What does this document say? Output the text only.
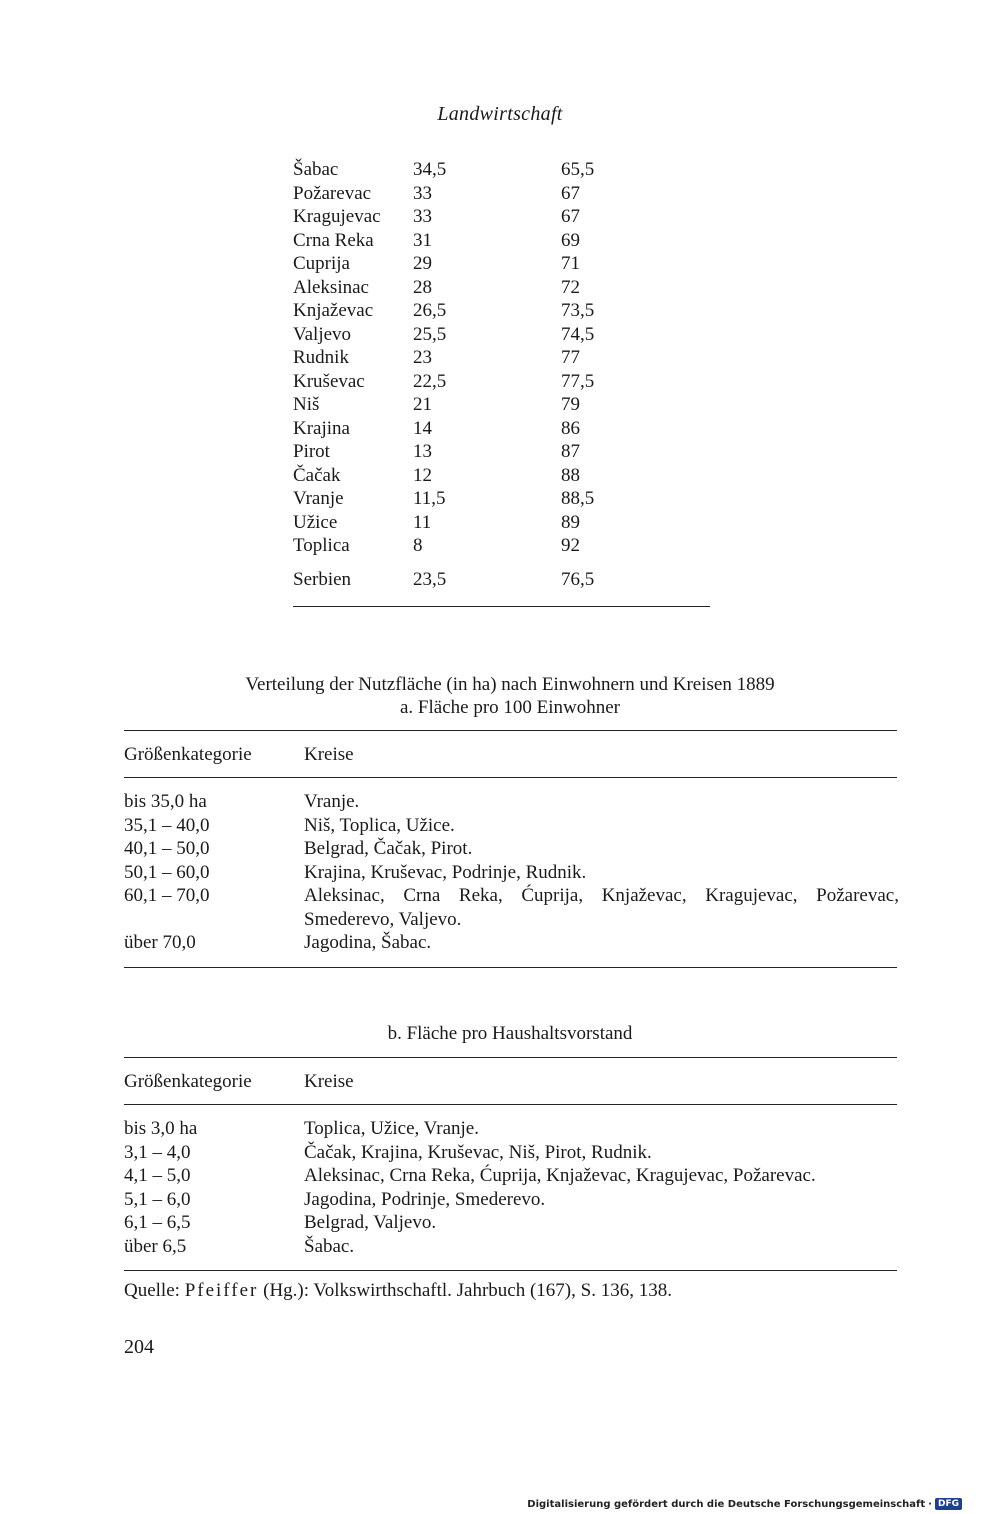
Landwirtschaft
Šabac	34,5	65,5
Požarevac 33	67
Kragujevac 33	67
Crna Reka 31	69
Cuprija	29	71
Aleksinac 28	72
Knjaževac 26,5	73,5
Valjevo	25,5	74,5
Rudnik	23	77
Kruševac	22,5	77,5
Niš	21	79
Krajina	14	86
Pirot	13	87
Čačak	12	88
Vranje	11,5	88,5
Užice	11	89
Toplica	8	92
Serbien	23,5	76,5
Verteilung der Nutzfläche (in ha) nach Einwohnern und Kreisen 1889
a. Fläche pro 100 Einwohner
Größenkategorie	Kreise
bis 35,0 ha	Vranje.
35,1 – 40,0	Niš, Toplica, Užice.
40,1 – 50,0	Belgrad, Čačak, Pirot.
50,1 – 60,0	Krajina, Kruševac, Podrinje, Rudnik.
60,1 – 70,0	Aleksinac, Crna Reka, Ćuprija, Knjaževac, Kragujevac, Požarevac, Smederevo, Valjevo.
über 70,0	Jagodina, Šabac.
b. Fläche pro Haushaltsvorstand
Größenkategorie	Kreise
bis 3,0 ha	Toplica, Užice, Vranje.
3,1 – 4,0	Čačak, Krajina, Kruševac, Niš, Pirot, Rudnik.
4,1 – 5,0	Aleksinac, Crna Reka, Ćuprija, Knjaževac, Kragujevac, Požarevac.
5,1 – 6,0	Jagodina, Podrinje, Smederevo.
6,1 – 6,5	Belgrad, Valjevo.
über 6,5	Šabac.
Quelle: Pfeiffer (Hg.): Volkswirthschaftl. Jahrbuch (167), S. 136, 138.
204
Digitalisierung gefördert durch die Deutsche Forschungsgemeinschaft · DFG
